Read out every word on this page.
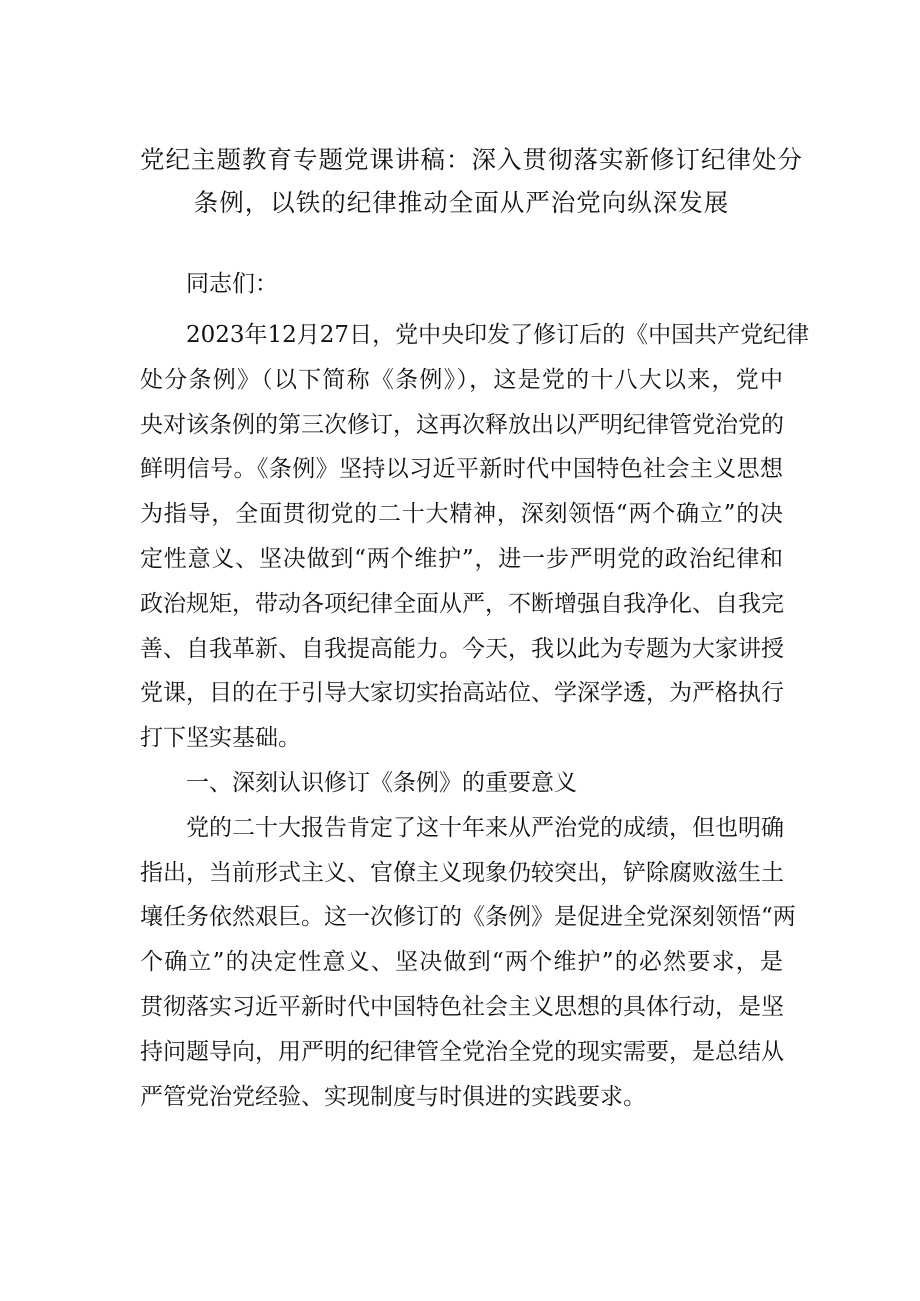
党纪主题教育专题党课讲稿：深入贯彻落实新修订纪律处分
条例，以铁的纪律推动全面从严治党向纵深发展

同志们：

2023年12月27日，党中央印发了修订后的《中国共产党纪律
处分条例》（以下简称《条例》），这是党的十八大以来，党中
央对该条例的第三次修订，这再次释放出以严明纪律管党治党的
鲜明信号。《条例》坚持以习近平新时代中国特色社会主义思想
为指导，全面贯彻党的二十大精神，深刻领悟“两个确立”的决
定性意义、坚决做到“两个维护”，进一步严明党的政治纪律和
政治规矩，带动各项纪律全面从严，不断增强自我净化、自我完
善、自我革新、自我提高能力。今天，我以此为专题为大家讲授
党课，目的在于引导大家切实抬高站位、学深学透，为严格执行
打下坚实基础。

一、深刻认识修订《条例》的重要意义

党的二十大报告肯定了这十年来从严治党的成绩，但也明确
指出，当前形式主义、官僚主义现象仍较突出，铲除腐败滋生土
壤任务依然艰巨。这一次修订的《条例》是促进全党深刻领悟“两
个确立”的决定性意义、坚决做到“两个维护”的必然要求，是
贯彻落实习近平新时代中国特色社会主义思想的具体行动，是坚
持问题导向，用严明的纪律管全党治全党的现实需要，是总结从
严管党治党经验、实现制度与时俱进的实践要求。
